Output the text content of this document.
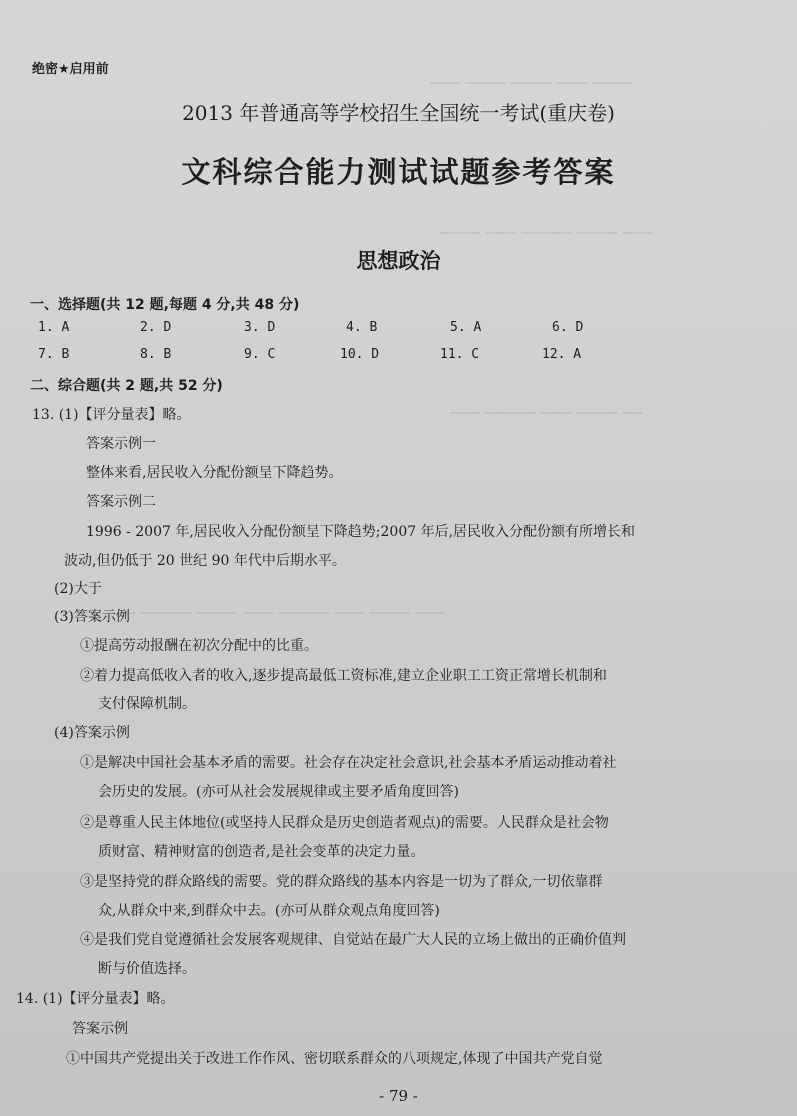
▁▁▁ ▁▁▁▁ ▁▁▁▁ ▁▁▁ ▁▁▁▁
▁▁▁▁ ▁▁▁ ▁▁▁▁▁ ▁▁▁▁ ▁▁▁
▁▁▁ ▁▁▁▁▁ ▁▁▁ ▁▁▁▁ ▁▁
▁▁▁▁ ▁▁▁ ▁▁▁▁▁ ▁▁▁▁ ▁▁▁ ▁▁▁▁▁ ▁▁▁ ▁▁▁▁ ▁▁▁
绝密★启用前
2013 年普通高等学校招生全国统一考试(重庆卷)
文科综合能力测试试题参考答案
思想政治
一、选择题(共 12 题,每题 4 分,共 48 分)
1. A	2. D	3. D	4. B	5. A	6. D
7. B	8. B	9. C	10. D	11. C	12. A
二、综合题(共 2 题,共 52 分)
13. (1)【评分量表】略。
答案示例一
整体来看,居民收入分配份额呈下降趋势。
答案示例二
1996 - 2007 年,居民收入分配份额呈下降趋势;2007 年后,居民收入分配份额有所增长和
波动,但仍低于 20 世纪 90 年代中后期水平。
(2)大于
(3)答案示例
①提高劳动报酬在初次分配中的比重。
②着力提高低收入者的收入,逐步提高最低工资标准,建立企业职工工资正常增长机制和
支付保障机制。
(4)答案示例
①是解决中国社会基本矛盾的需要。社会存在决定社会意识,社会基本矛盾运动推动着社
会历史的发展。(亦可从社会发展规律或主要矛盾角度回答)
②是尊重人民主体地位(或坚持人民群众是历史创造者观点)的需要。人民群众是社会物
质财富、精神财富的创造者,是社会变革的决定力量。
③是坚持党的群众路线的需要。党的群众路线的基本内容是一切为了群众,一切依靠群
众,从群众中来,到群众中去。(亦可从群众观点角度回答)
④是我们党自觉遵循社会发展客观规律、自觉站在最广大人民的立场上做出的正确价值判
断与价值选择。
14. (1)【评分量表】略。
答案示例
①中国共产党提出关于改进工作作风、密切联系群众的八项规定,体现了中国共产党自觉
- 79 -
